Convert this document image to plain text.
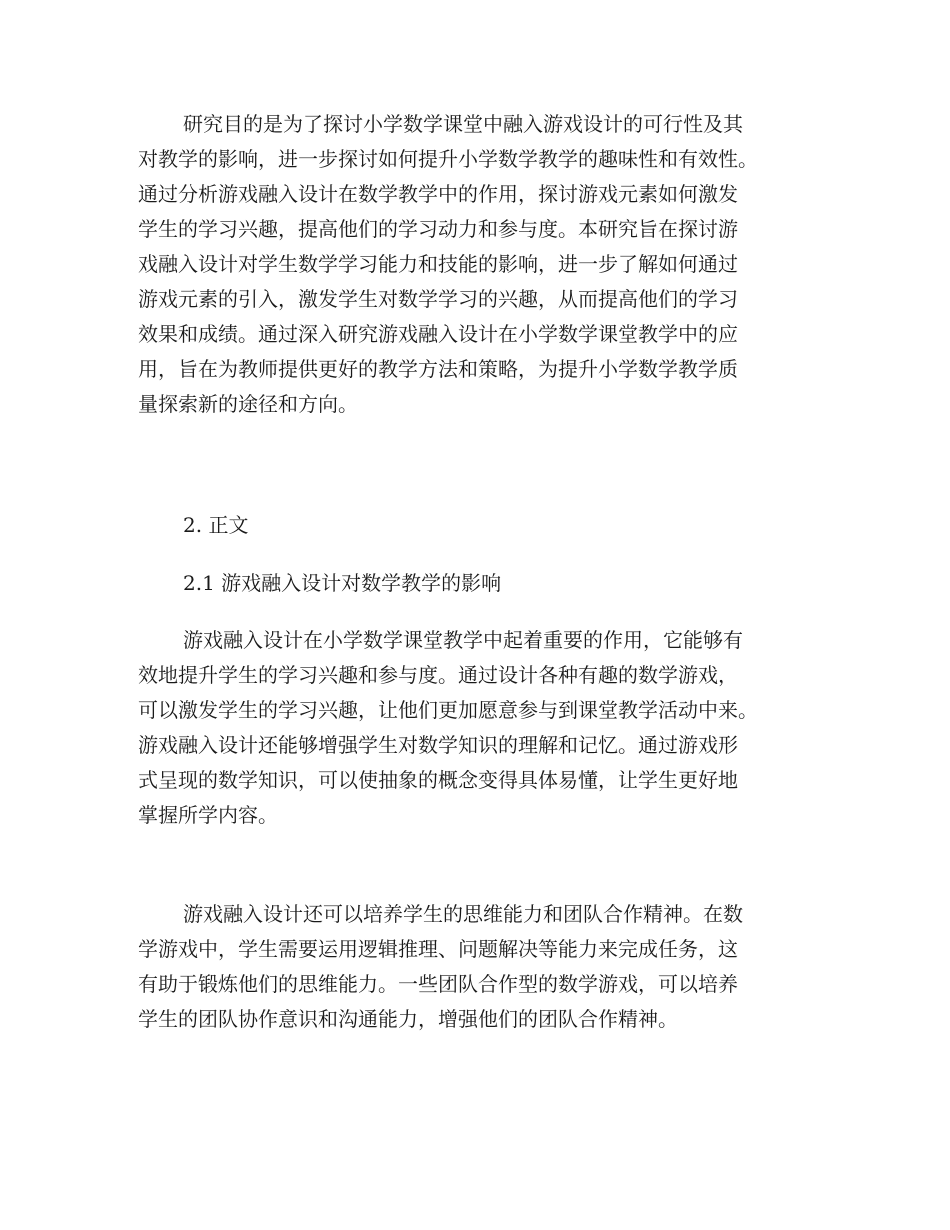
研究目的是为了探讨小学数学课堂中融入游戏设计的可行性及其
对教学的影响，进一步探讨如何提升小学数学教学的趣味性和有效性。
通过分析游戏融入设计在数学教学中的作用，探讨游戏元素如何激发
学生的学习兴趣，提高他们的学习动力和参与度。本研究旨在探讨游
戏融入设计对学生数学学习能力和技能的影响，进一步了解如何通过
游戏元素的引入，激发学生对数学学习的兴趣，从而提高他们的学习
效果和成绩。通过深入研究游戏融入设计在小学数学课堂教学中的应
用，旨在为教师提供更好的教学方法和策略，为提升小学数学教学质
量探索新的途径和方向。
2. 正文
2.1 游戏融入设计对数学教学的影响
游戏融入设计在小学数学课堂教学中起着重要的作用，它能够有
效地提升学生的学习兴趣和参与度。通过设计各种有趣的数学游戏，
可以激发学生的学习兴趣，让他们更加愿意参与到课堂教学活动中来。
游戏融入设计还能够增强学生对数学知识的理解和记忆。通过游戏形
式呈现的数学知识，可以使抽象的概念变得具体易懂，让学生更好地
掌握所学内容。
游戏融入设计还可以培养学生的思维能力和团队合作精神。在数
学游戏中，学生需要运用逻辑推理、问题解决等能力来完成任务，这
有助于锻炼他们的思维能力。一些团队合作型的数学游戏，可以培养
学生的团队协作意识和沟通能力，增强他们的团队合作精神。
